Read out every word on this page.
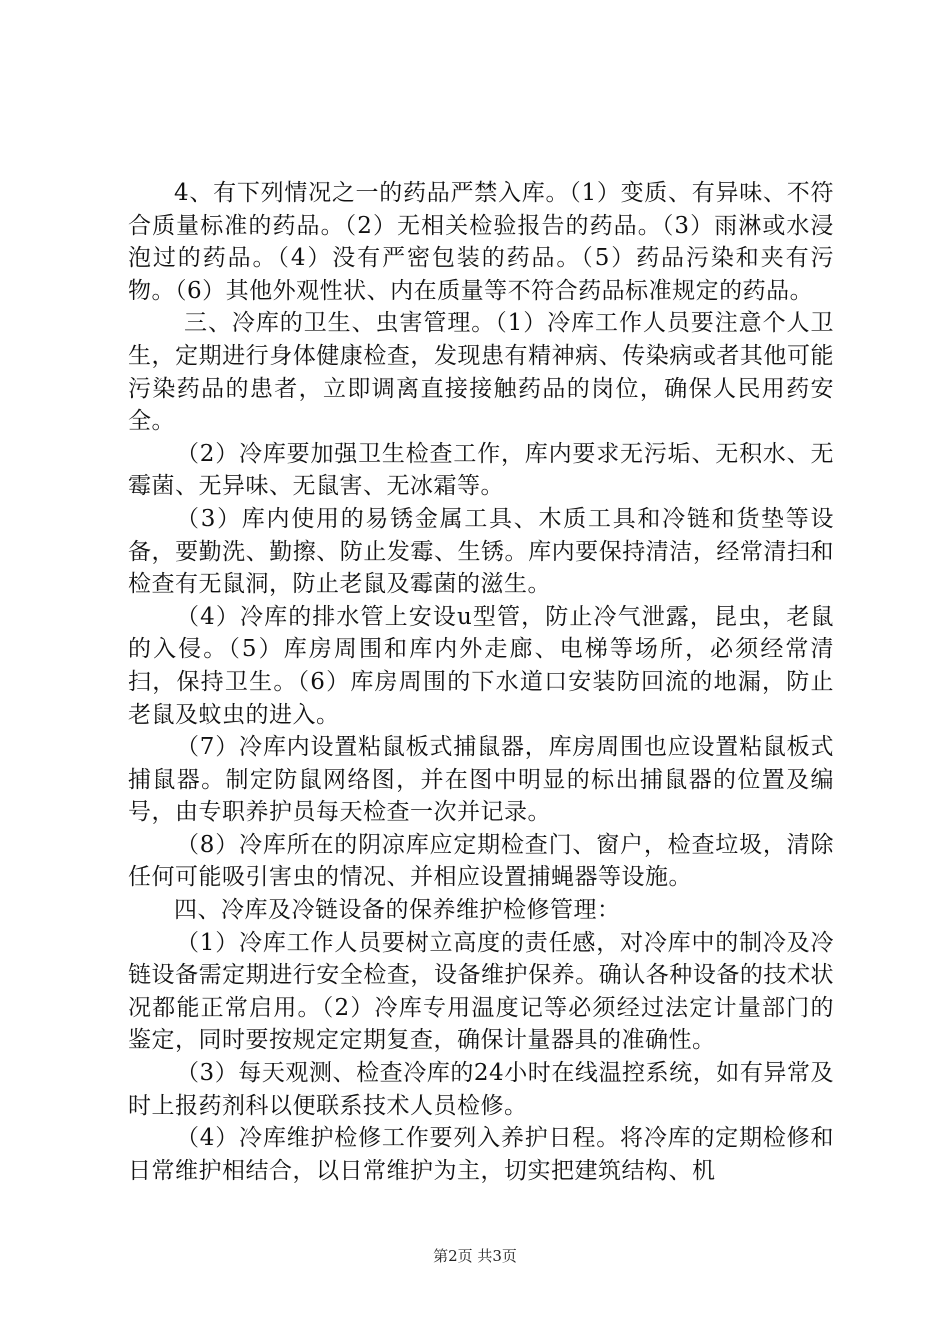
4、有下列情况之一的药品严禁入库。（1）变质、有异味、不符合质量标准的药品。（2）无相关检验报告的药品。（3）雨淋或水浸泡过的药品。（4）没有严密包装的药品。（5）药品污染和夹有污物。（6）其他外观性状、内在质量等不符合药品标准规定的药品。

三、冷库的卫生、虫害管理。（1）冷库工作人员要注意个人卫生，定期进行身体健康检查，发现患有精神病、传染病或者其他可能污染药品的患者，立即调离直接接触药品的岗位，确保人民用药安全。

（2）冷库要加强卫生检查工作，库内要求无污垢、无积水、无霉菌、无异味、无鼠害、无冰霜等。

（3）库内使用的易锈金属工具、木质工具和冷链和货垫等设备，要勤洗、勤擦、防止发霉、生锈。库内要保持清洁，经常清扫和检查有无鼠洞，防止老鼠及霉菌的滋生。

（4）冷库的排水管上安设u型管，防止冷气泄露，昆虫，老鼠的入侵。（5）库房周围和库内外走廊、电梯等场所，必须经常清扫，保持卫生。（6）库房周围的下水道口安装防回流的地漏，防止老鼠及蚊虫的进入。

（7）冷库内设置粘鼠板式捕鼠器，库房周围也应设置粘鼠板式捕鼠器。制定防鼠网络图，并在图中明显的标出捕鼠器的位置及编号，由专职养护员每天检查一次并记录。

（8）冷库所在的阴凉库应定期检查门、窗户，检查垃圾，清除任何可能吸引害虫的情况、并相应设置捕蝇器等设施。

四、冷库及冷链设备的保养维护检修管理：

（1）冷库工作人员要树立高度的责任感，对冷库中的制冷及冷链设备需定期进行安全检查，设备维护保养。确认各种设备的技术状况都能正常启用。（2）冷库专用温度记等必须经过法定计量部门的鉴定，同时要按规定定期复查，确保计量器具的准确性。

（3）每天观测、检查冷库的24小时在线温控系统，如有异常及时上报药剂科以便联系技术人员检修。

（4）冷库维护检修工作要列入养护日程。将冷库的定期检修和日常维护相结合，以日常维护为主，切实把建筑结构、机

第2页 共3页
